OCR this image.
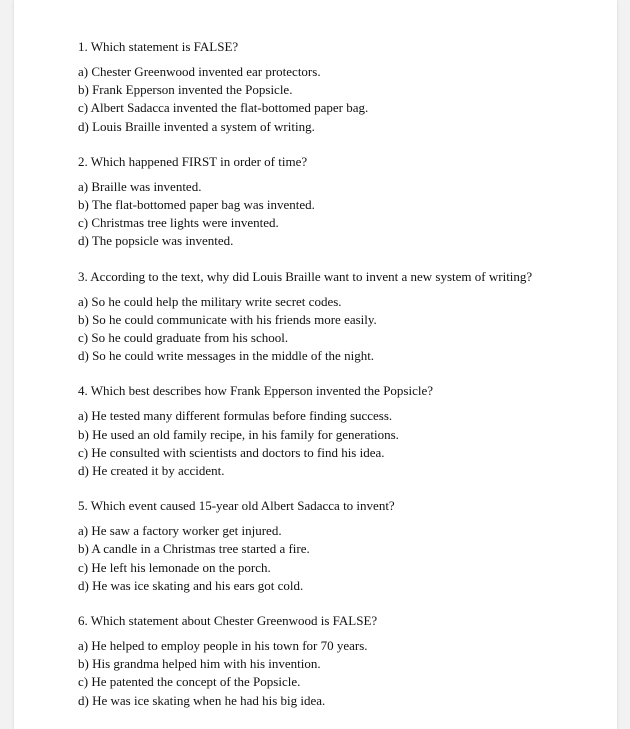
1. Which statement is FALSE?
a) Chester Greenwood invented ear protectors.
b) Frank Epperson invented the Popsicle.
c) Albert Sadacca invented the flat-bottomed paper bag.
d) Louis Braille invented a system of writing.
2. Which happened FIRST in order of time?
a) Braille was invented.
b) The flat-bottomed paper bag was invented.
c) Christmas tree lights were invented.
d) The popsicle was invented.
3. According to the text, why did Louis Braille want to invent a new system of writing?
a) So he could help the military write secret codes.
b) So he could communicate with his friends more easily.
c) So he could graduate from his school.
d) So he could write messages in the middle of the night.
4. Which best describes how Frank Epperson invented the Popsicle?
a) He tested many different formulas before finding success.
b) He used an old family recipe, in his family for generations.
c) He consulted with scientists and doctors to find his idea.
d) He created it by accident.
5. Which event caused 15-year old Albert Sadacca to invent?
a) He saw a factory worker get injured.
b) A candle in a Christmas tree started a fire.
c) He left his lemonade on the porch.
d) He was ice skating and his ears got cold.
6. Which statement about Chester Greenwood is FALSE?
a) He helped to employ people in his town for 70 years.
b) His grandma helped him with his invention.
c) He patented the concept of the Popsicle.
d) He was ice skating when he had his big idea.
